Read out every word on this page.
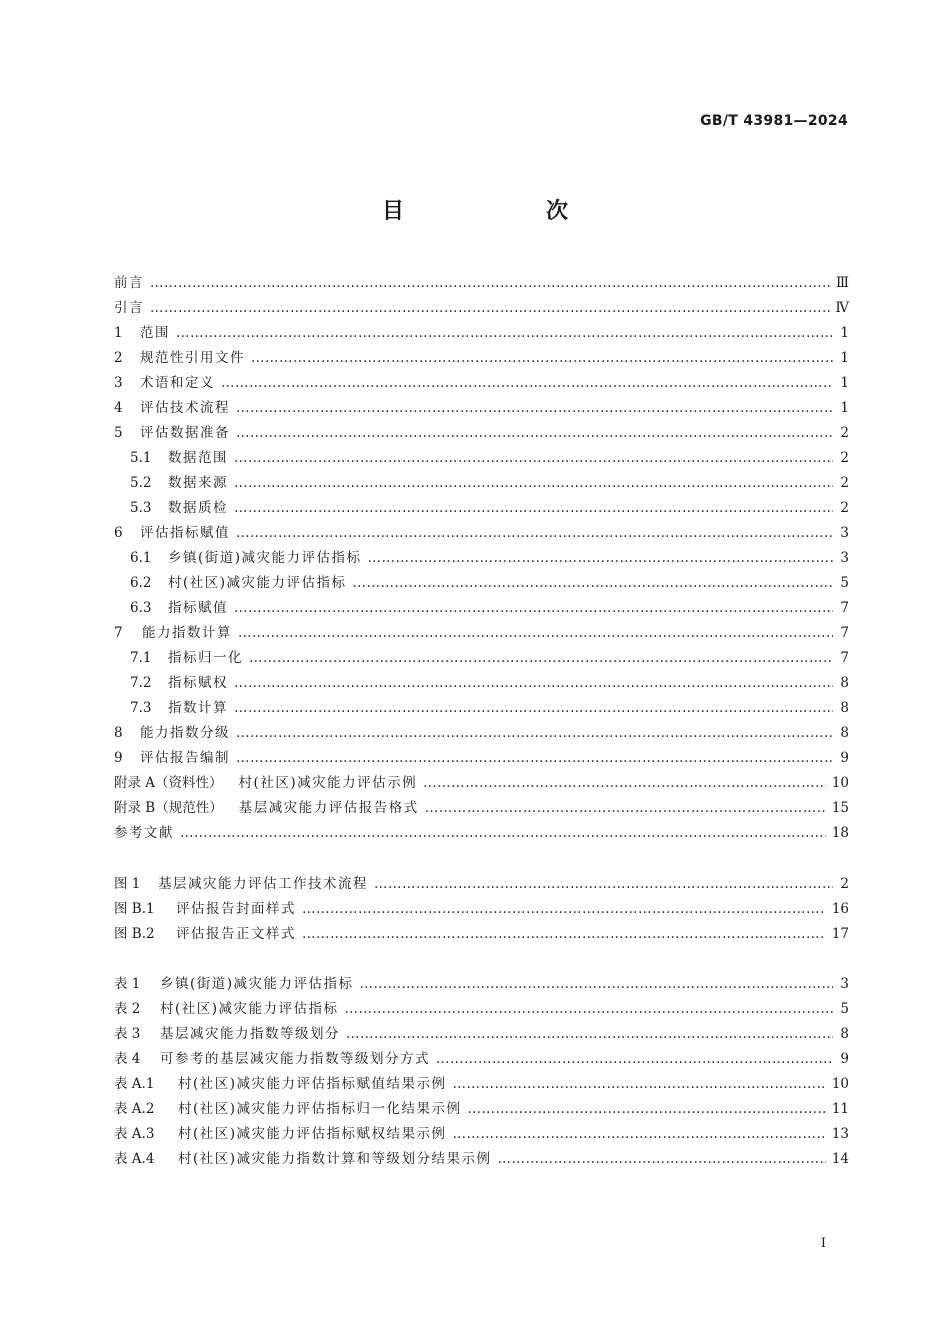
GB/T 43981—2024
目　次
前言 …………………………………………………………………………………………………………………………………………………………………………………………………………………………………………………	Ⅲ
引言 …………………………………………………………………………………………………………………………………………………………………………………………………………………………………………………	Ⅳ
1	范围 …………………………………………………………………………………………………………………………………………………………………………………………………………………………………………………	1
2	规范性引用文件 …………………………………………………………………………………………………………………………………………………………………………………………………………………………………………………	1
3	术语和定义 …………………………………………………………………………………………………………………………………………………………………………………………………………………………………………………	1
4	评估技术流程 …………………………………………………………………………………………………………………………………………………………………………………………………………………………………………………	1
5	评估数据准备 …………………………………………………………………………………………………………………………………………………………………………………………………………………………………………………	2
5.1	数据范围 …………………………………………………………………………………………………………………………………………………………………………………………………………………………………………………	2
5.2	数据来源 …………………………………………………………………………………………………………………………………………………………………………………………………………………………………………………	2
5.3	数据质检 …………………………………………………………………………………………………………………………………………………………………………………………………………………………………………………	2
6	评估指标赋值 …………………………………………………………………………………………………………………………………………………………………………………………………………………………………………………	3
6.1	乡镇(街道)减灾能力评估指标 …………………………………………………………………………………………………………………………………………………………………………………………………………………………………………………	3
6.2	村(社区)减灾能力评估指标 …………………………………………………………………………………………………………………………………………………………………………………………………………………………………………………	5
6.3	指标赋值 …………………………………………………………………………………………………………………………………………………………………………………………………………………………………………………	7
7	能力指数计算 …………………………………………………………………………………………………………………………………………………………………………………………………………………………………………………	7
7.1	指标归一化 …………………………………………………………………………………………………………………………………………………………………………………………………………………………………………………	7
7.2	指标赋权 …………………………………………………………………………………………………………………………………………………………………………………………………………………………………………………	8
7.3	指数计算 …………………………………………………………………………………………………………………………………………………………………………………………………………………………………………………	8
8	能力指数分级 …………………………………………………………………………………………………………………………………………………………………………………………………………………………………………………	8
9	评估报告编制 …………………………………………………………………………………………………………………………………………………………………………………………………………………………………………………	9
附录 A（资料性） 村(社区)减灾能力评估示例 …………………………………………………………………………………………………………………………………………………………………………………………………………………………………………………	10
附录 B（规范性） 基层减灾能力评估报告格式 …………………………………………………………………………………………………………………………………………………………………………………………………………………………………………………	15
参考文献 …………………………………………………………………………………………………………………………………………………………………………………………………………………………………………………	18
图 1	基层减灾能力评估工作技术流程 …………………………………………………………………………………………………………………………………………………………………………………………………………………………………………………	2
图 B.1	评估报告封面样式 …………………………………………………………………………………………………………………………………………………………………………………………………………………………………………………	16
图 B.2	评估报告正文样式 …………………………………………………………………………………………………………………………………………………………………………………………………………………………………………………	17
表 1	乡镇(街道)减灾能力评估指标 …………………………………………………………………………………………………………………………………………………………………………………………………………………………………………………	3
表 2	村(社区)减灾能力评估指标 …………………………………………………………………………………………………………………………………………………………………………………………………………………………………………………	5
表 3	基层减灾能力指数等级划分 …………………………………………………………………………………………………………………………………………………………………………………………………………………………………………………	8
表 4	可参考的基层减灾能力指数等级划分方式 …………………………………………………………………………………………………………………………………………………………………………………………………………………………………………………	9
表 A.1	村(社区)减灾能力评估指标赋值结果示例 …………………………………………………………………………………………………………………………………………………………………………………………………………………………………………………	10
表 A.2	村(社区)减灾能力评估指标归一化结果示例 …………………………………………………………………………………………………………………………………………………………………………………………………………………………………………………	11
表 A.3	村(社区)减灾能力评估指标赋权结果示例 …………………………………………………………………………………………………………………………………………………………………………………………………………………………………………………	13
表 A.4	村(社区)减灾能力指数计算和等级划分结果示例 …………………………………………………………………………………………………………………………………………………………………………………………………………………………………………………	14
I
